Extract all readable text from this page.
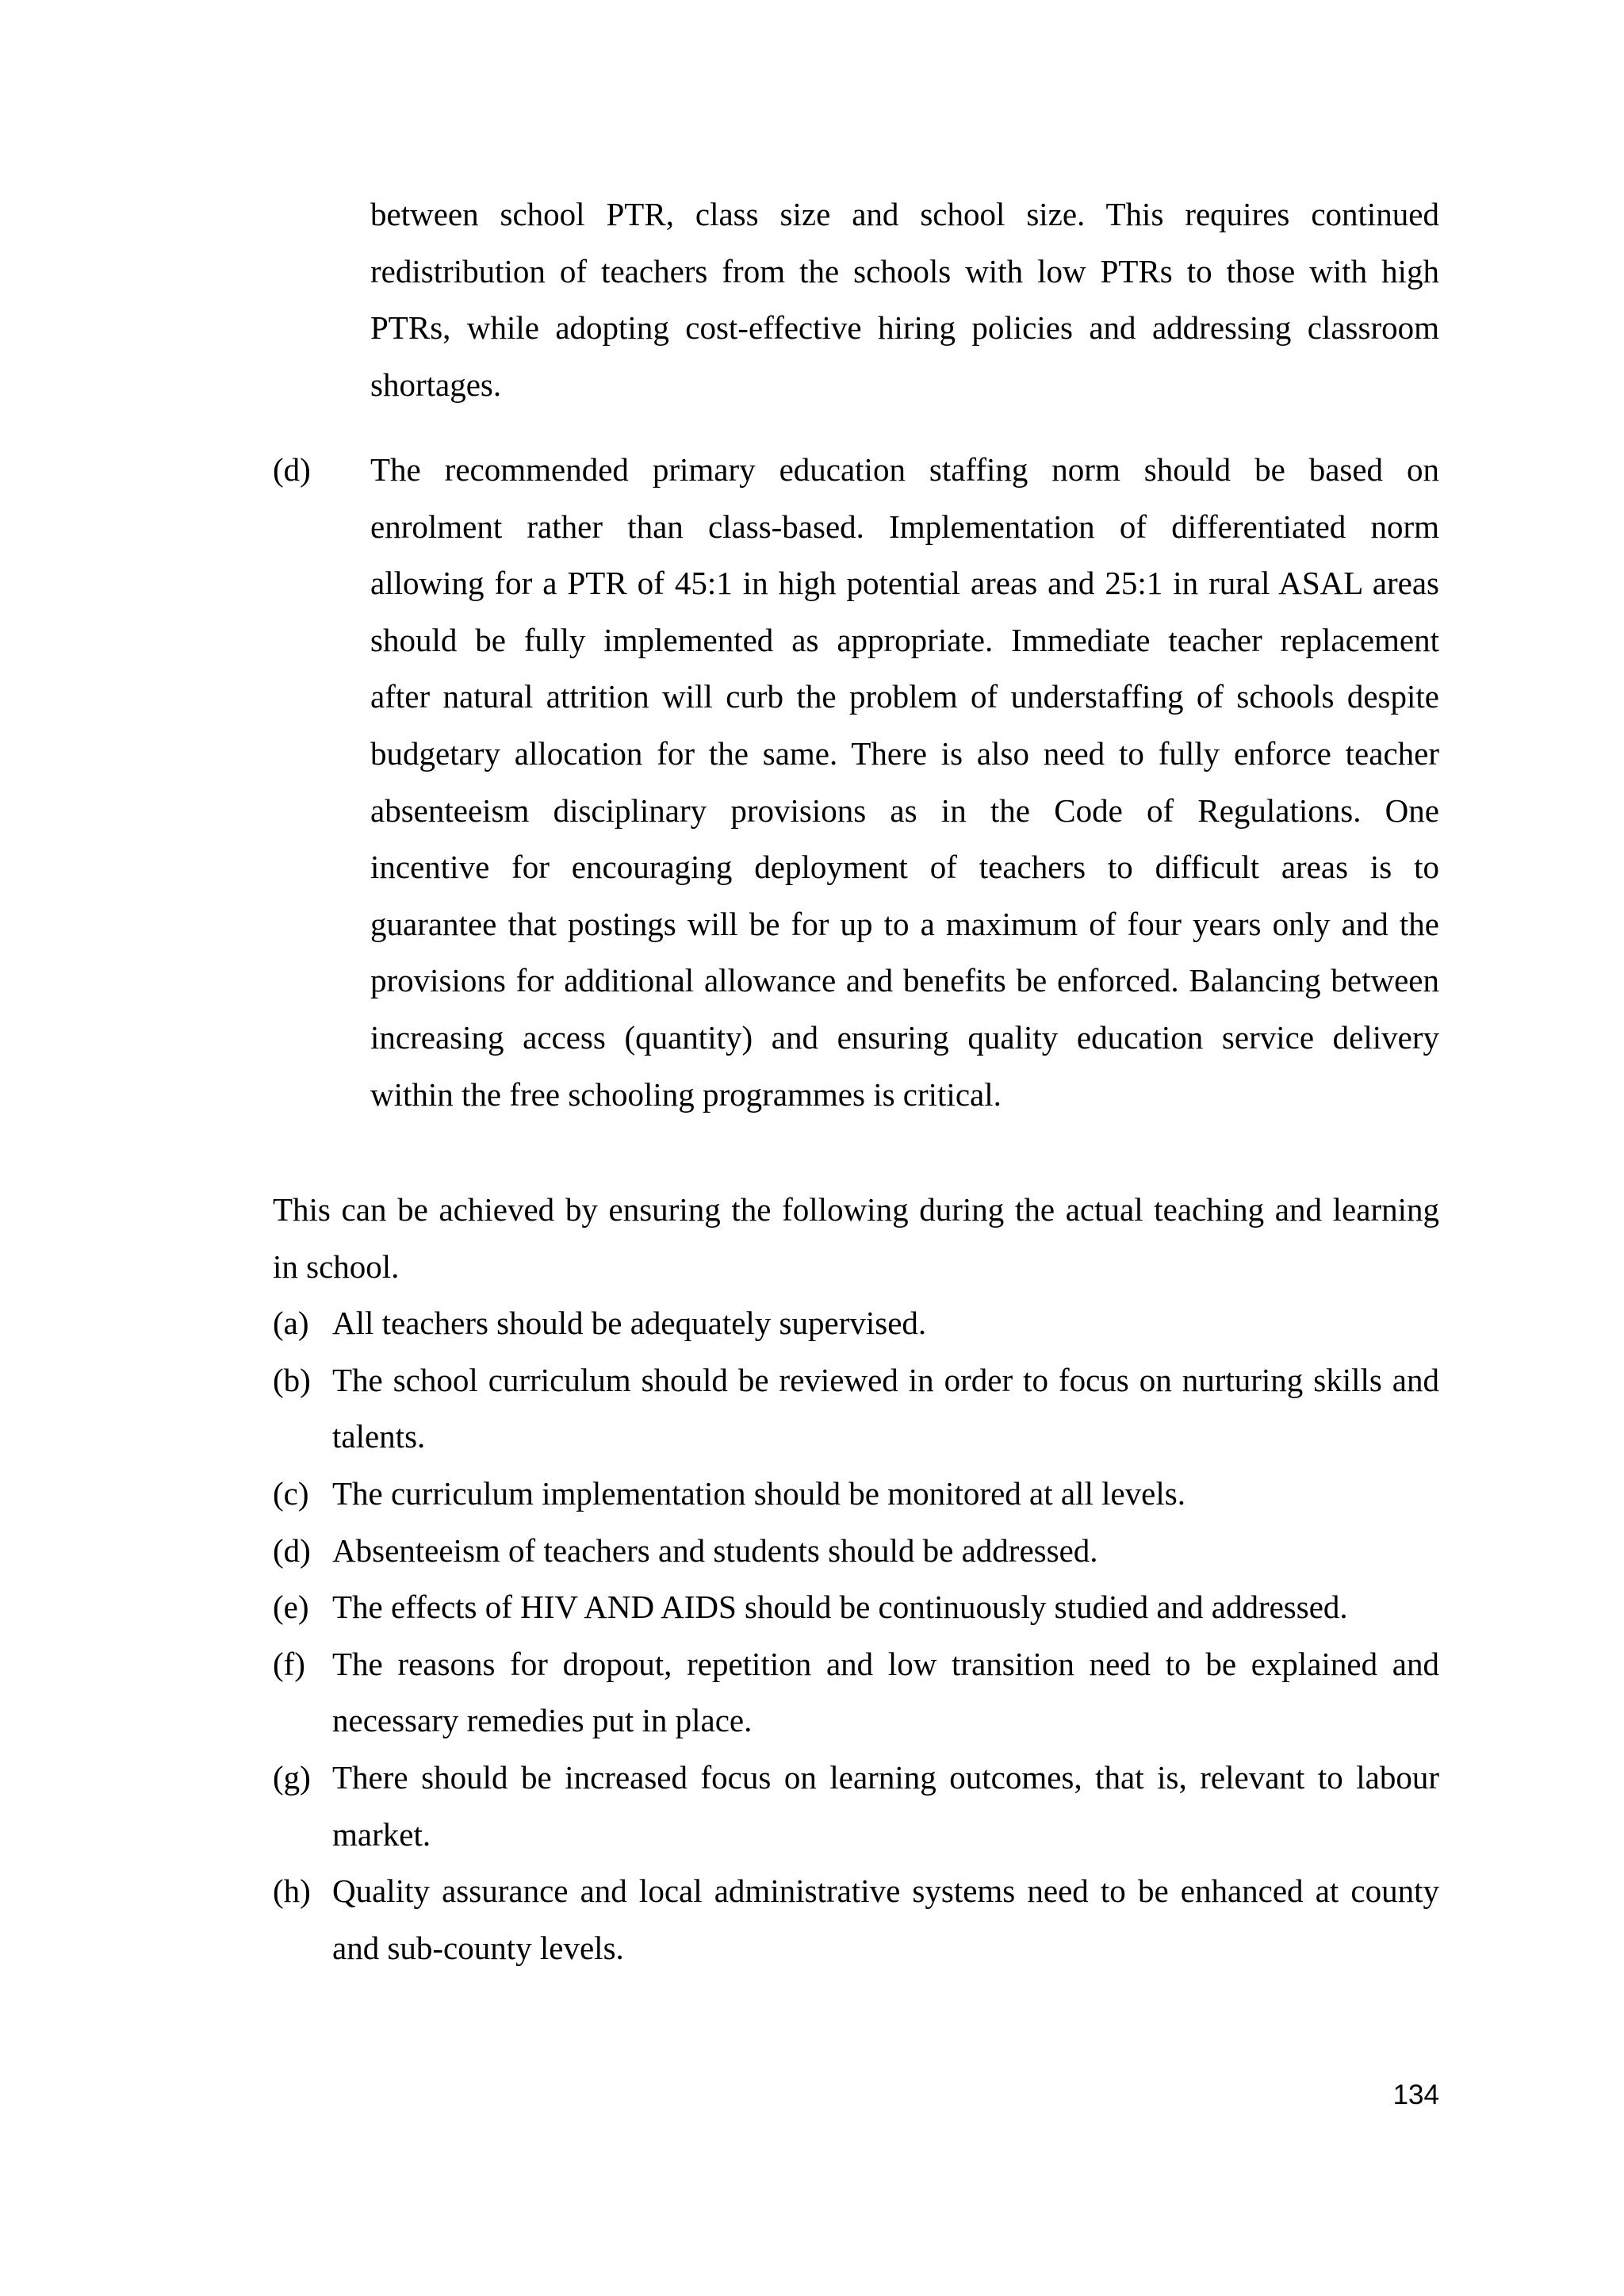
between school PTR, class size and school size. This requires continued
redistribution of teachers from the schools with low PTRs to those with high
PTRs, while adopting cost-effective hiring policies and addressing classroom
shortages.
(d)	The recommended primary education staffing norm should be based on
enrolment rather than class-based. Implementation of differentiated norm
allowing for a PTR of 45:1 in high potential areas and 25:1 in rural ASAL areas
should be fully implemented as appropriate. Immediate teacher replacement
after natural attrition will curb the problem of understaffing of schools despite
budgetary allocation for the same. There is also need to fully enforce teacher
absenteeism disciplinary provisions as in the Code of Regulations. One
incentive for encouraging deployment of teachers to difficult areas is to
guarantee that postings will be for up to a maximum of four years only and the
provisions for additional allowance and benefits be enforced. Balancing between
increasing access (quantity) and ensuring quality education service delivery
within the free schooling programmes is critical.
This can be achieved by ensuring the following during the actual teaching and learning
in school.
(a) All teachers should be adequately supervised.
(b) The school curriculum should be reviewed in order to focus on nurturing skills and
talents.
(c) The curriculum implementation should be monitored at all levels.
(d) Absenteeism of teachers and students should be addressed.
(e) The effects of HIV AND AIDS should be continuously studied and addressed.
(f) The reasons for dropout, repetition and low transition need to be explained and
necessary remedies put in place.
(g) There should be increased focus on learning outcomes, that is, relevant to labour
market.
(h) Quality assurance and local administrative systems need to be enhanced at county
and sub-county levels.
134
